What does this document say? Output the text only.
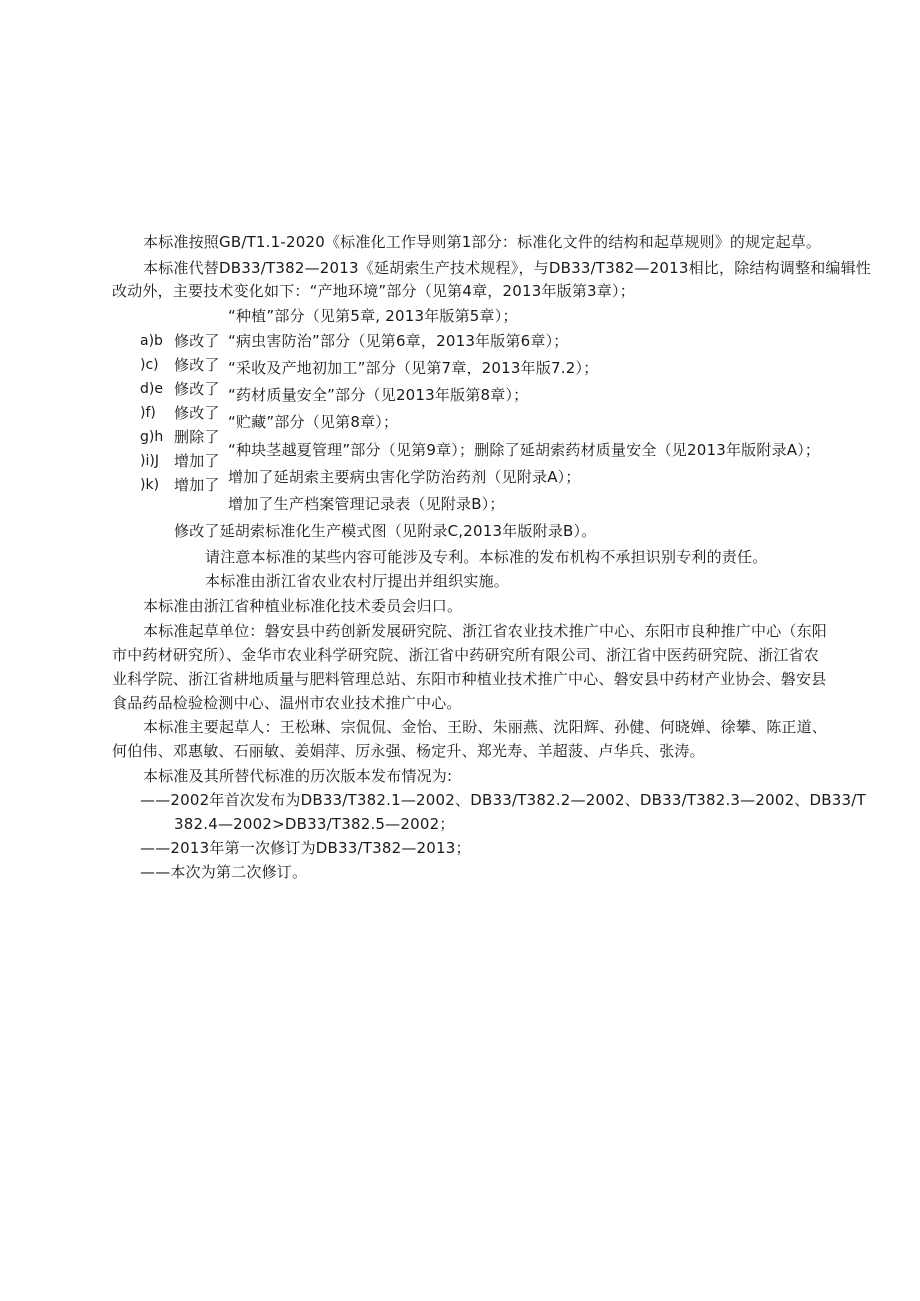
本标准按照GB/T1.1-2020《标准化工作导则第1部分：标准化文件的结构和起草规则》的规定起草。
本标准代替DB33/T382—2013《延胡索生产技术规程》，与DB33/T382—2013相比，除结构调整和编辑性
改动外，主要技术变化如下：“产地环境”部分（见第4章，2013年版第3章）；
“种植”部分（见第5章, 2013年版第5章）；
“病虫害防治”部分（见第6章，2013年版第6章）；
“采收及产地初加工”部分（见第7章，2013年版7.2）；
“药材质量安全”部分（见2013年版第8章）；
“贮藏”部分（见第8章）；
“种块茎越夏管理”部分（见第9章）；删除了延胡索药材质量安全（见2013年版附录A）；
增加了延胡索主要病虫害化学防治药剂（见附录A）；
增加了生产档案管理记录表（见附录B）；
修改了延胡索标准化生产模式图（见附录C,2013年版附录B）。
请注意本标准的某些内容可能涉及专利。本标准的发布机构不承担识别专利的责任。
本标准由浙江省农业农村厅提出并组织实施。
本标准由浙江省种植业标准化技术委员会归口。
本标准起草单位：磐安县中药创新发展研究院、浙江省农业技术推广中心、东阳市良种推广中心（东阳
市中药材研究所）、金华市农业科学研究院、浙江省中药研究所有限公司、浙江省中医药研究院、浙江省农
业科学院、浙江省耕地质量与肥料管理总站、东阳市种植业技术推广中心、磐安县中药材产业协会、磐安县
食品药品检验检测中心、温州市农业技术推广中心。
本标准主要起草人：王松琳、宗侃侃、金怡、王盼、朱丽燕、沈阳辉、孙健、何晓婵、徐攀、陈正道、
何伯伟、邓惠敏、石丽敏、姜娟萍、厉永强、杨定升、郑光寿、羊超菠、卢华兵、张涛。
本标准及其所替代标准的历次版本发布情况为:
——2002年首次发布为DB33/T382.1—2002、DB33/T382.2—2002、DB33/T382.3—2002、DB33/T
382.4—2002>DB33/T382.5—2002；
——2013年第一次修订为DB33/T382—2013；
——本次为第二次修订。
a)b
)c)
d)e
)f)
g)h
)i)J
)k)
修改了
修改了
修改了
修改了
删除了
增加了
增加了
